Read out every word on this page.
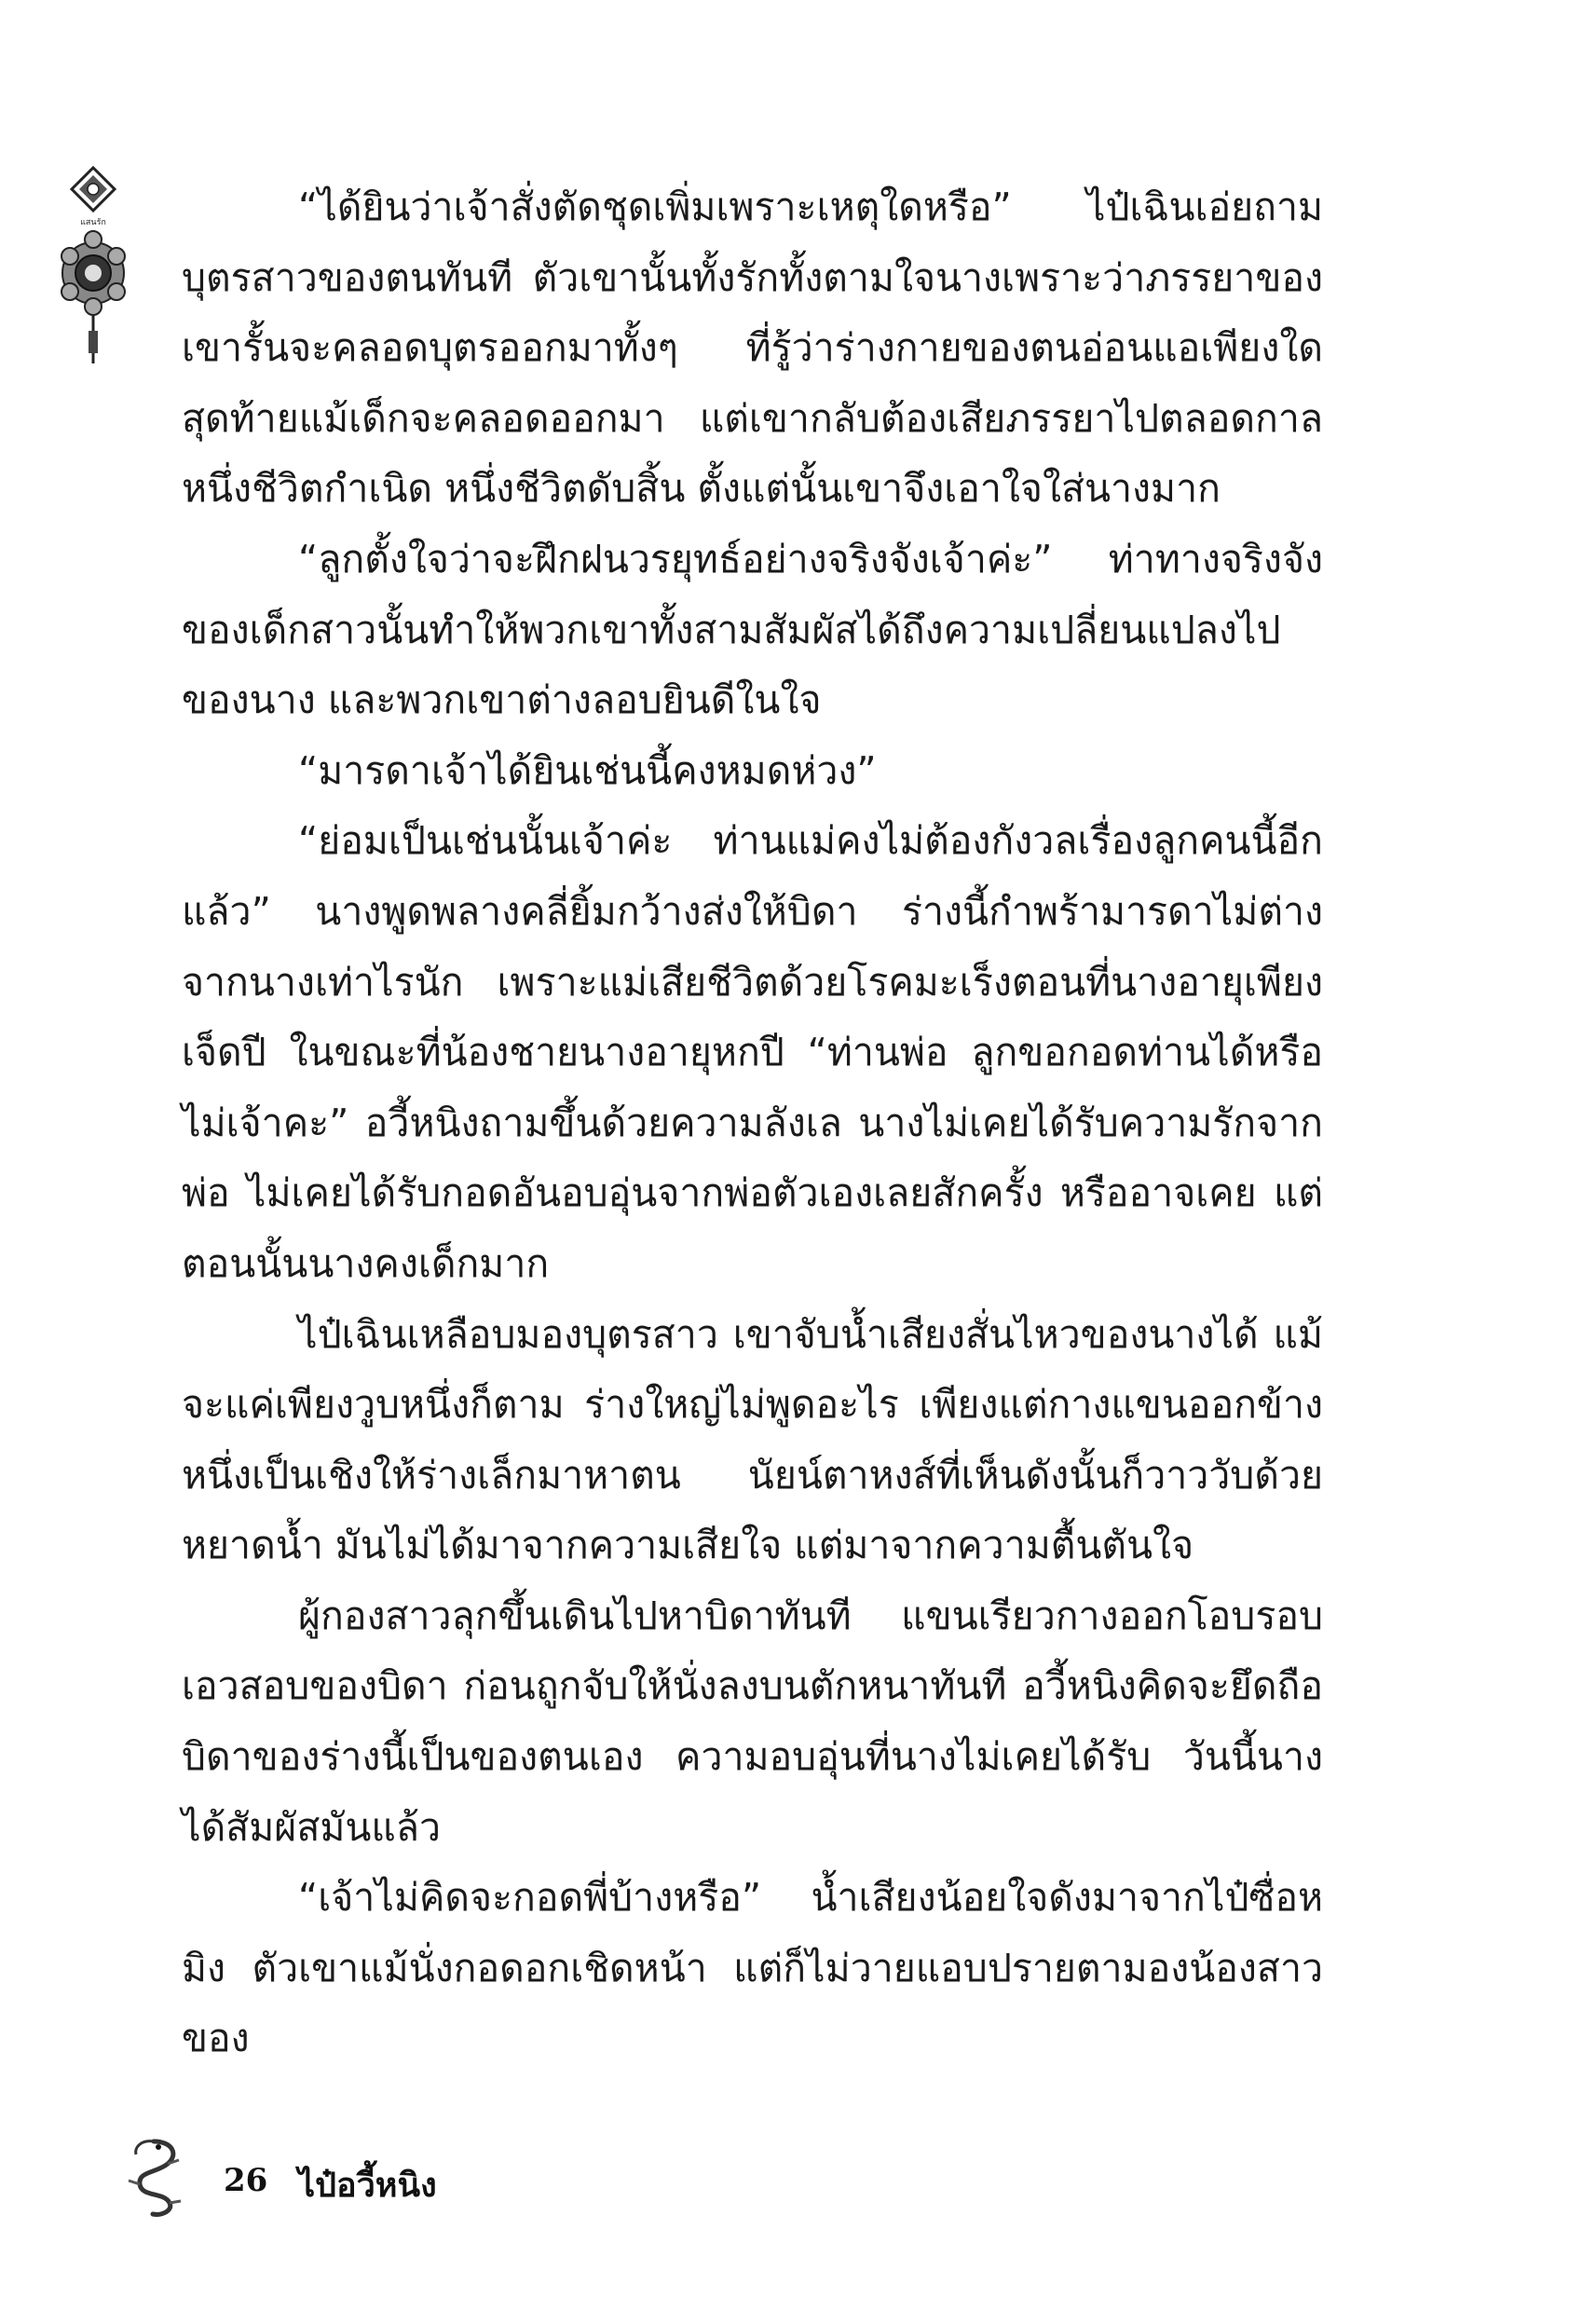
แสนรัก	“ได้ยินว่าเจ้าสั่งตัดชุดเพิ่มเพราะเหตุใดหรือ” ไป๋เฉินเอ่ยถามบุตรสาวของตนทันที ตัวเขานั้นทั้งรักทั้งตามใจนางเพราะว่าภรรยาของเขารั้นจะคลอดบุตรออกมาทั้งๆ ที่รู้ว่าร่างกายของตนอ่อนแอเพียงใด สุดท้ายแม้เด็กจะคลอดออกมา แต่เขากลับต้องเสียภรรยาไปตลอดกาล หนึ่งชีวิตกำเนิด หนึ่งชีวิตดับสิ้น ตั้งแต่นั้นเขาจึงเอาใจใส่นางมาก

“ลูกตั้งใจว่าจะฝึกฝนวรยุทธ์อย่างจริงจังเจ้าค่ะ” ท่าทางจริงจังของเด็กสาวนั้นทำให้พวกเขาทั้งสามสัมผัสได้ถึงความเปลี่ยนแปลงไปของนาง และพวกเขาต่างลอบยินดีในใจ

“มารดาเจ้าได้ยินเช่นนี้คงหมดห่วง”

“ย่อมเป็นเช่นนั้นเจ้าค่ะ ท่านแม่คงไม่ต้องกังวลเรื่องลูกคนนี้อีกแล้ว” นางพูดพลางคลี่ยิ้มกว้างส่งให้บิดา ร่างนี้กำพร้ามารดาไม่ต่างจากนางเท่าไรนัก เพราะแม่เสียชีวิตด้วยโรคมะเร็งตอนที่นางอายุเพียงเจ็ดปี ในขณะที่น้องชายนางอายุหกปี “ท่านพ่อ ลูกขอกอดท่านได้หรือไม่เจ้าคะ” อวี้หนิงถามขึ้นด้วยความลังเล นางไม่เคยได้รับความรักจากพ่อ ไม่เคยได้รับกอดอันอบอุ่นจากพ่อตัวเองเลยสักครั้ง หรืออาจเคย แต่ตอนนั้นนางคงเด็กมาก

ไป๋เฉินเหลือบมองบุตรสาว เขาจับน้ำเสียงสั่นไหวของนางได้ แม้จะแค่เพียงวูบหนึ่งก็ตาม ร่างใหญ่ไม่พูดอะไร เพียงแต่กางแขนออกข้างหนึ่งเป็นเชิงให้ร่างเล็กมาหาตน นัยน์ตาหงส์ที่เห็นดังนั้นก็วาววับด้วยหยาดน้ำ มันไม่ได้มาจากความเสียใจ แต่มาจากความตื้นตันใจ

ผู้กองสาวลุกขึ้นเดินไปหาบิดาทันที แขนเรียวกางออกโอบรอบเอวสอบของบิดา ก่อนถูกจับให้นั่งลงบนตักหนาทันที อวี้หนิงคิดจะยึดถือบิดาของร่างนี้เป็นของตนเอง ความอบอุ่นที่นางไม่เคยได้รับ วันนี้นางได้สัมผัสมันแล้ว

“เจ้าไม่คิดจะกอดพี่บ้างหรือ” น้ำเสียงน้อยใจดังมาจากไป๋ซื่อหมิง ตัวเขาแม้นั่งกอดอกเชิดหน้า แต่ก็ไม่วายแอบปรายตามองน้องสาวของ

26 ไป๋อวี้หนิง
